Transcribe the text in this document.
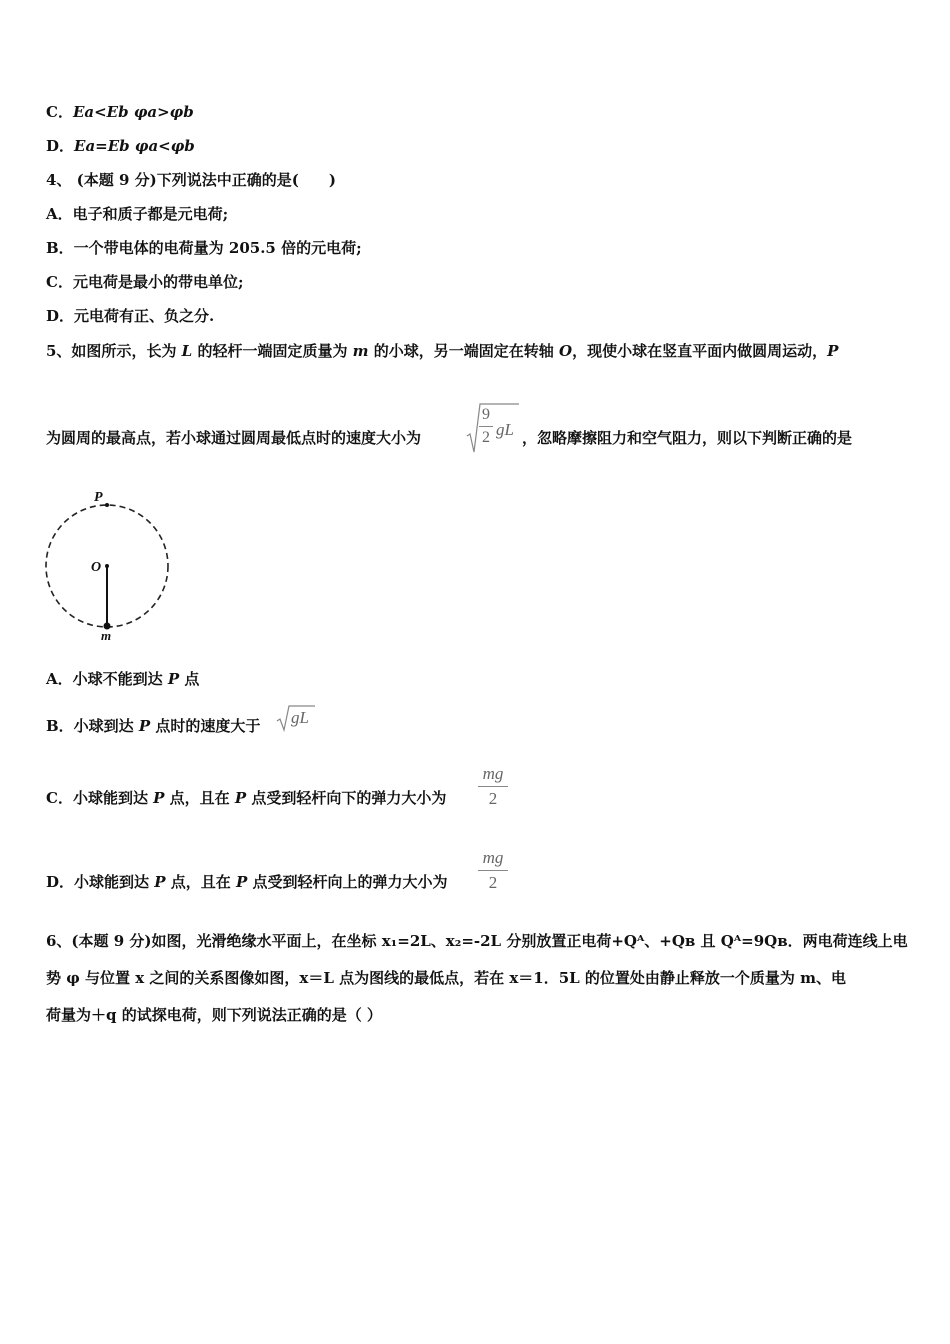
C．Ea<Eb φa>φb
D．Ea=Eb φa<φb
4、 (本题 9 分)下列说法中正确的是(　　)
A．电子和质子都是元电荷;
B．一个带电体的电荷量为 205.5 倍的元电荷;
C．元电荷是最小的带电单位;
D．元电荷有正、负之分.
5、如图所示，长为 L 的轻杆一端固定质量为 m 的小球，另一端固定在转轴 O，现使小球在竖直平面内做圆周运动，P
为圆周的最高点，若小球通过圆周最低点时的速度大小为
9
2 gL ，忽略摩擦阻力和空气阻力，则以下判断正确的是
P
O
m
A．小球不能到达 P 点
B．小球到达 P 点时的速度大于 gL
C．小球能到达 P 点，且在 P 点受到轻杆向下的弹力大小为
mg
2
D．小球能到达 P 点，且在 P 点受到轻杆向上的弹力大小为
mg
2
6、(本题 9 分)如图，光滑绝缘水平面上，在坐标 x₁=2L、x₂=-2L 分别放置正电荷+Qᴬ、+Qʙ 且 Qᴬ=9Qʙ．两电荷连线上电
势 φ 与位置 x 之间的关系图像如图，x＝L 点为图线的最低点，若在 x＝1．5L 的位置处由静止释放一个质量为 m、电
荷量为＋q 的试探电荷，则下列说法正确的是（ ）
